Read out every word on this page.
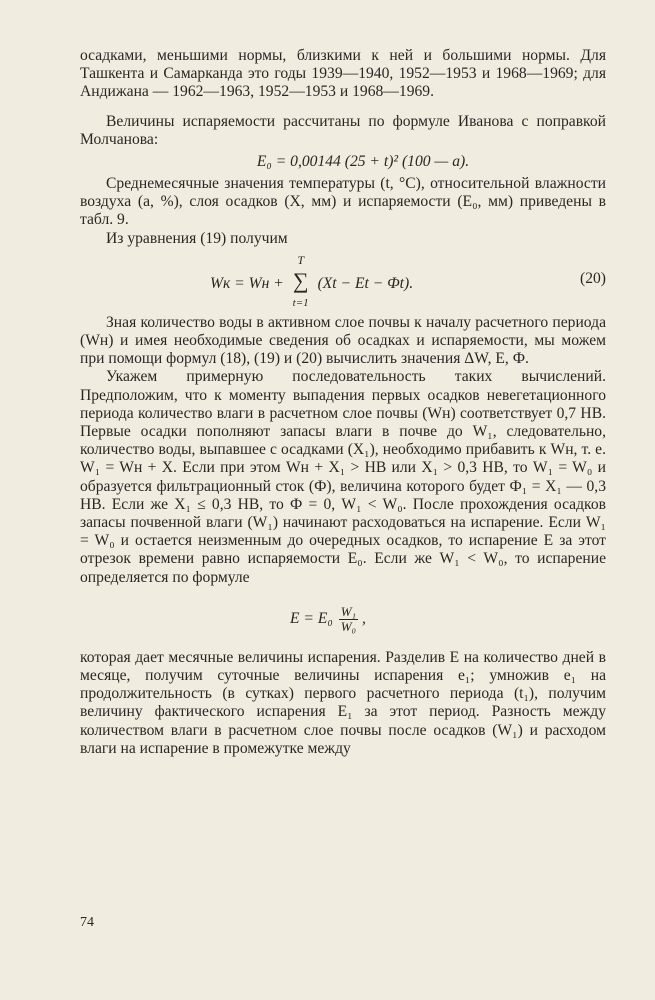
осадками, меньшими нормы, близкими к ней и большими нормы. Для Ташкента и Самарканда это годы 1939—1940, 1952—1953 и 1968—1969; для Андижана — 1962—1963, 1952—1953 и 1968—1969.

Величины испаряемости рассчитаны по формуле Иванова с поправкой Молчанова:

E₀ = 0,00144 (25 + t)² (100 — a).

Среднемесячные значения температуры (t, °С), относительной влажности воздуха (a, %), слоя осадков (X, мм) и испаряемости (E₀, мм) приведены в табл. 9.

Из уравнения (19) получим

Wк = Wн +
T
∑
t=1
(Xt − Et − Фt).	(20)

Зная количество воды в активном слое почвы к началу расчетного периода (Wн) и имея необходимые сведения об осадках и испаряемости, мы можем при помощи формул (18), (19) и (20) вычислить значения ΔW, E, Ф.

Укажем примерную последовательность таких вычислений. Предположим, что к моменту выпадения первых осадков невегетационного периода количество влаги в расчетном слое почвы (Wн) соответствует 0,7 НВ. Первые осадки пополняют запасы влаги в почве до W₁, следовательно, количество воды, выпавшее с осадками (X₁), необходимо прибавить к Wн, т. е. W₁ = Wн + X. Если при этом Wн + X₁ > НВ или X₁ > 0,3 НВ, то W₁ = W₀ и образуется фильтрационный сток (Ф), величина которого будет Ф₁ = X₁ — 0,3 НВ. Если же X₁ ≤ 0,3 НВ, то Ф = 0, W₁ < W₀. После прохождения осадков запасы почвенной влаги (W₁) начинают расходоваться на испарение. Если W₁ = W₀ и остается неизменным до очередных осадков, то испарение E за этот отрезок времени равно испаряемости E₀. Если же W₁ < W₀, то испарение определяется по формуле

$E = E_0 \frac{\text{W₁}}{\text{W₀}}$ ,

которая дает месячные величины испарения. Разделив E на количество дней в месяце, получим суточные величины испарения e₁; умножив e₁ на продолжительность (в сутках) первого расчетного периода (t₁), получим величину фактического испарения E₁ за этот период. Разность между количеством влаги в расчетном слое почвы после осадков (W₁) и расходом влаги на испарение в промежутке между

74
